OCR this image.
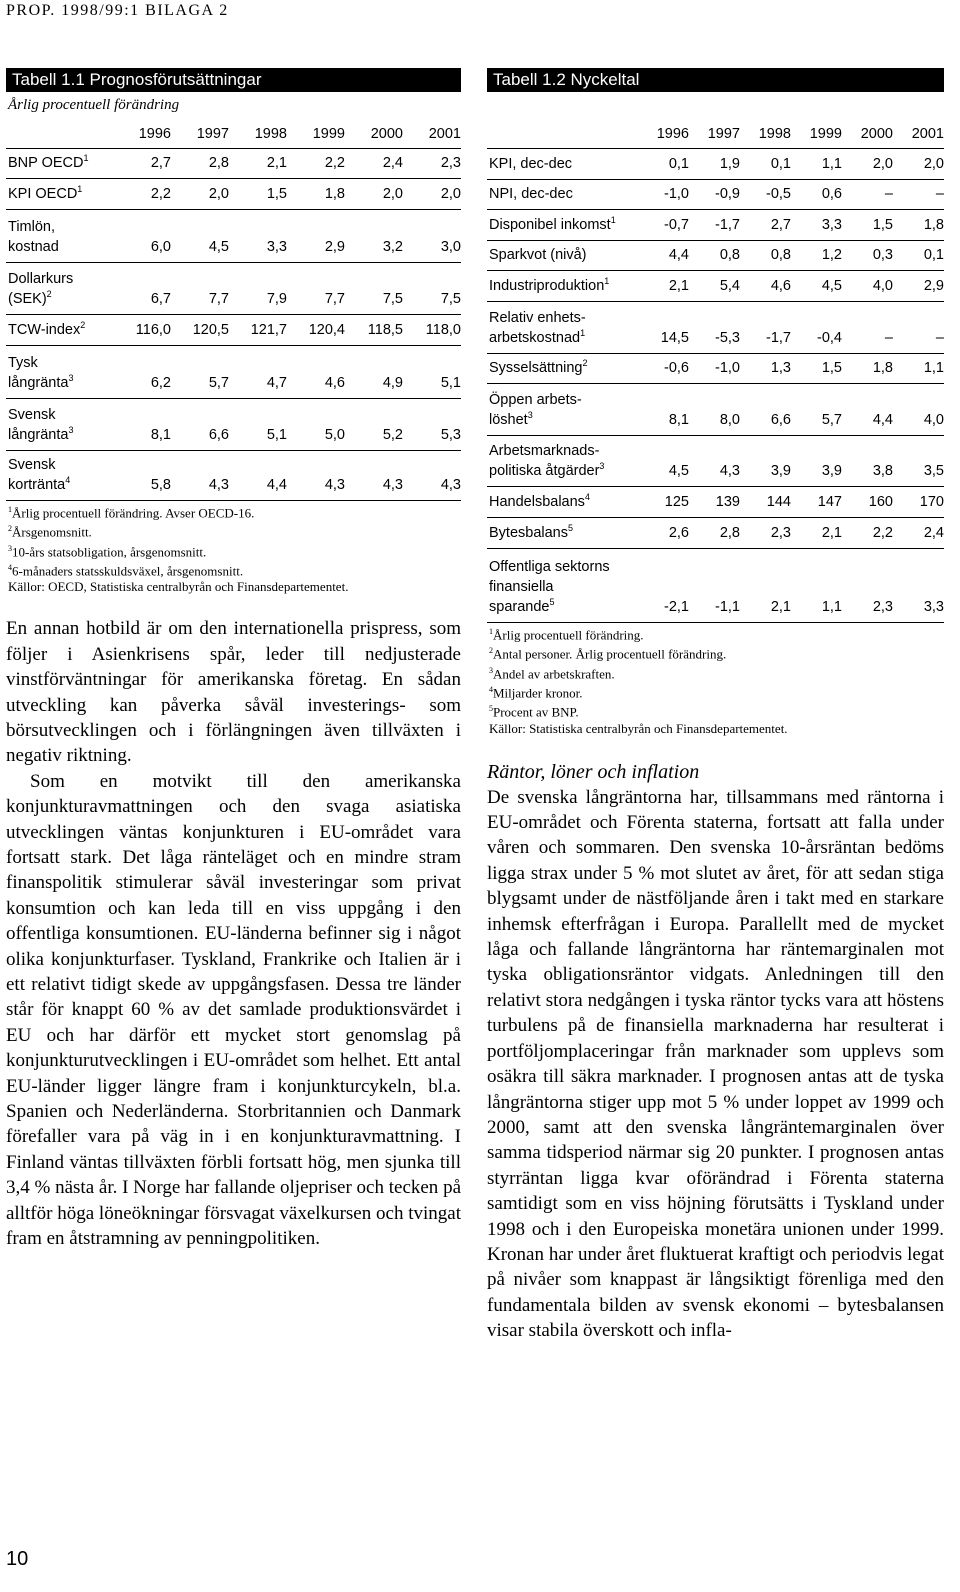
PROP. 1998/99:1 BILAGA 2
Tabell 1.1 Prognosförutsättningar
Årlig procentuell förändring
1996	1997	1998	1999	2000	2001
BNP OECD$^1$	2,7	2,8	2,1	2,2	2,4	2,3
KPI OECD$^1$	2,2	2,0	1,5	1,8	2,0	2,0
Timlön,
kostnad	6,0	4,5	3,3	2,9	3,2	3,0
Dollarkurs
(SEK)$^2$	6,7	7,7	7,9	7,7	7,5	7,5
TCW-index$^2$	116,0	120,5	121,7	120,4	118,5	118,0
Tysk
långränta$^3$	6,2	5,7	4,7	4,6	4,9	5,1
Svensk
långränta$^3$	8,1	6,6	5,1	5,0	5,2	5,3
Svensk
kortränta$^4$	5,8	4,3	4,4	4,3	4,3	4,3
$^1$Årlig procentuell förändring. Avser OECD-16.
$^2$Årsgenomsnitt.
$^3$10-års statsobligation, årsgenomsnitt.
$^4$6-månaders statsskuldsväxel, årsgenomsnitt.
Källor: OECD, Statistiska centralbyrån och Finansdepartementet.

En annan hotbild är om den internationella prispress, som följer i Asienkrisens spår, leder till nedjusterade vinstförväntningar för amerikanska företag. En sådan utveckling kan påverka såväl investerings- som börsutvecklingen och i förlängningen även tillväxten i negativ riktning.

Som en motvikt till den amerikanska konjunkturavmattningen och den svaga asiatiska utvecklingen väntas konjunkturen i EU-området vara fortsatt stark. Det låga ränteläget och en mindre stram finanspolitik stimulerar såväl investeringar som privat konsumtion och kan leda till en viss uppgång i den offentliga konsumtionen. EU-länderna befinner sig i något olika konjunkturfaser. Tyskland, Frankrike och Italien är i ett relativt tidigt skede av uppgångsfasen. Dessa tre länder står för knappt 60 % av det samlade produktionsvärdet i EU och har därför ett mycket stort genomslag på konjunkturutvecklingen i EU-området som helhet. Ett antal EU-länder ligger längre fram i konjunkturcykeln, bl.a. Spanien och Nederländerna. Storbritannien och Danmark förefaller vara på väg in i en konjunkturavmattning. I Finland väntas tillväxten förbli fortsatt hög, men sjunka till 3,4 % nästa år. I Norge har fallande oljepriser och tecken på alltför höga löneökningar försvagat växelkursen och tvingat fram en åtstramning av penningpolitiken.

Tabell 1.2 Nyckeltal
1996	1997	1998	1999	2000	2001
KPI, dec-dec	0,1	1,9	0,1	1,1	2,0	2,0
NPI, dec-dec	-1,0	-0,9	-0,5	0,6	–	–
Disponibel inkomst$^1$	-0,7	-1,7	2,7	3,3	1,5	1,8
Sparkvot (nivå)	4,4	0,8	0,8	1,2	0,3	0,1
Industriproduktion$^1$	2,1	5,4	4,6	4,5	4,0	2,9
Relativ enhets-
arbetskostnad$^1$	14,5	-5,3	-1,7	-0,4	–	–
Sysselsättning$^2$	-0,6	-1,0	1,3	1,5	1,8	1,1
Öppen arbets-
löshet$^3$	8,1	8,0	6,6	5,7	4,4	4,0
Arbetsmarknads-
politiska åtgärder$^3$	4,5	4,3	3,9	3,9	3,8	3,5
Handelsbalans$^4$	125	139	144	147	160	170
Bytesbalans$^5$	2,6	2,8	2,3	2,1	2,2	2,4
Offentliga sektorns
finansiella
sparande$^5$	-2,1	-1,1	2,1	1,1	2,3	3,3
$^1$Årlig procentuell förändring.
$^2$Antal personer. Årlig procentuell förändring.
$^3$Andel av arbetskraften.
$^4$Miljarder kronor.
$^5$Procent av BNP.
Källor: Statistiska centralbyrån och Finansdepartementet.

Räntor, löner och inflation

De svenska långräntorna har, tillsammans med räntorna i EU-området och Förenta staterna, fortsatt att falla under våren och sommaren. Den svenska 10-årsräntan bedöms ligga strax under 5 % mot slutet av året, för att sedan stiga blygsamt under de nästföljande åren i takt med en starkare inhemsk efterfrågan i Europa. Parallellt med de mycket låga och fallande långräntorna har räntemarginalen mot tyska obligationsräntor vidgats. Anledningen till den relativt stora nedgången i tyska räntor tycks vara att höstens turbulens på de finansiella marknaderna har resulterat i portföljomplaceringar från marknader som upplevs som osäkra till säkra marknader. I prognosen antas att de tyska långräntorna stiger upp mot 5 % under loppet av 1999 och 2000, samt att den svenska långräntemarginalen över samma tidsperiod närmar sig 20 punkter. I prognosen antas styrräntan ligga kvar oförändrad i Förenta staterna samtidigt som en viss höjning förutsätts i Tyskland under 1998 och i den Europeiska monetära unionen under 1999. Kronan har under året fluktuerat kraftigt och periodvis legat på nivåer som knappast är långsiktigt förenliga med den fundamentala bilden av svensk ekonomi – bytesbalansen visar stabila överskott och infla-

10
